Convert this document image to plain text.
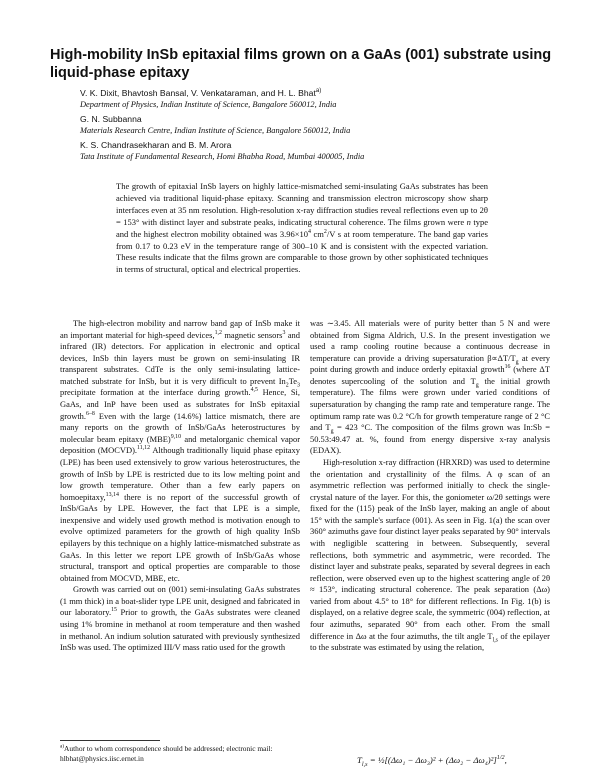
High-mobility InSb epitaxial films grown on a GaAs (001) substrate using liquid-phase epitaxy
V. K. Dixit, Bhavtosh Bansal, V. Venkataraman, and H. L. Bhat$^{a)}$
Department of Physics, Indian Institute of Science, Bangalore 560012, India
G. N. Subbanna
Materials Research Centre, Indian Institute of Science, Bangalore 560012, India
K. S. Chandrasekharan and B. M. Arora
Tata Institute of Fundamental Research, Homi Bhabha Road, Mumbai 400005, India
The growth of epitaxial InSb layers on highly lattice-mismatched semi-insulating GaAs substrates has been achieved via traditional liquid-phase epitaxy. Scanning and transmission electron microscopy show sharp interfaces even at 35 nm resolution. High-resolution x-ray diffraction studies reveal reflections even up to 2θ = 153° with distinct layer and substrate peaks, indicating structural coherence. The films grown were n type and the highest electron mobility obtained was $3.96\times 10^4$ $cm^2/V$ s at room temperature. The band gap varies from 0.17 to 0.23 eV in the temperature range of 300–10 K and is consistent with the expected variation. These results indicate that the films grown are comparable to those grown by other sophisticated techniques in terms of structural, optical and electrical properties.

The high-electron mobility and narrow band gap of InSb make it an important material for high-speed devices,$^{1,2}$ magnetic sensors$^3$ and infrared (IR) detectors. For application in electronic and optical devices, InSb thin layers must be grown on semi-insulating IR transparent substrates. CdTe is the only semi-insulating lattice-matched substrate for InSb, but it is very difficult to prevent $In_2Te_3$ precipitate formation at the interface during growth.$^{4,5}$ Hence, Si, GaAs, and InP have been used as substrates for InSb epitaxial growth.$^{6-8}$ Even with the large (14.6%) lattice mismatch, there are many reports on the growth of InSb/GaAs heterostructures by molecular beam epitaxy (MBE)$^{9,10}$ and metalorganic chemical vapor deposition (MOCVD).$^{11,12}$ Although traditionally liquid phase epitaxy (LPE) has been used extensively to grow various heterostructures, the growth of InSb by LPE is restricted due to its low melting point and low growth temperature. Other than a few early papers on homoepitaxy,$^{13,14}$ there is no report of the successful growth of InSb/GaAs by LPE. However, the fact that LPE is a simple, inexpensive and widely used growth method is motivation enough to evolve optimized parameters for the growth of high quality InSb epilayers by this technique on a highly lattice-mismatched substrate as GaAs. In this letter we report LPE growth of InSb/GaAs whose structural, transport and optical properties are comparable to those obtained from MOCVD, MBE, etc.

Growth was carried out on (001) semi-insulating GaAs substrates (1 mm thick) in a boat-slider type LPE unit, designed and fabricated in our laboratory.$^{15}$ Prior to growth, the GaAs substrates were cleaned using 1% bromine in methanol at room temperature and then washed in methanol. An indium solution saturated with previously synthesized InSb was used. The optimized III/V mass ratio used for the growth

was ∼3.45. All materials were of purity better than 5 N and were obtained from Sigma Aldrich, U.S. In the present investigation we used a ramp cooling routine because a continuous decrease in temperature can provide a driving supersaturation $\beta\propto\Delta T/T_g$ at every point during growth and induce orderly epitaxial growth$^{16}$ (where ΔT denotes supercooling of the solution and $T_g$ the initial growth temperature). The films were grown under varied conditions of supersaturation by changing the ramp rate and temperature range. The optimum ramp rate was 0.2 °C/h for growth temperature range of 2 °C and $T_g = 423$ °C. The composition of the films grown was In:Sb = 50.53:49.47 at. %, found from energy dispersive x-ray analysis (EDAX).

High-resolution x-ray diffraction (HRXRD) was used to determine the orientation and crystallinity of the films. A φ scan of an asymmetric reflection was performed initially to check the single-crystal nature of the layer. For this, the goniometer ω/2θ settings were fixed for the (115) peak of the InSb layer, making an angle of about 15° with the sample's surface (001). As seen in Fig. 1(a) the scan over 360° azimuths gave four distinct layer peaks separated by 90° intervals with negligible scattering in between. Subsequently, several reflections, both symmetric and asymmetric, were recorded. The distinct layer and substrate peaks, separated by several degrees in each reflection, were observed even up to the highest scattering angle of 2θ ≈ 153°, indicating structural coherence. The peak separation (Δω) varied from about 4.5° to 18° for different reflections. In Fig. 1(b) is displayed, on a relative degree scale, the symmetric (004) reflection, at four azimuths, separated 90° from each other. From the small difference in Δω at the four azimuths, the tilt angle $T_{l,s}$ of the epilayer to the substrate was estimated by using the relation,

$^{a)}$Author to whom correspondence should be addressed; electronic mail: hlbhat@physics.iisc.ernet.in	$T_{l,s}$ = ½[(Δω₁ − Δω₃)² + (Δω₂ − Δω₄)²]$^{1/2}$,
